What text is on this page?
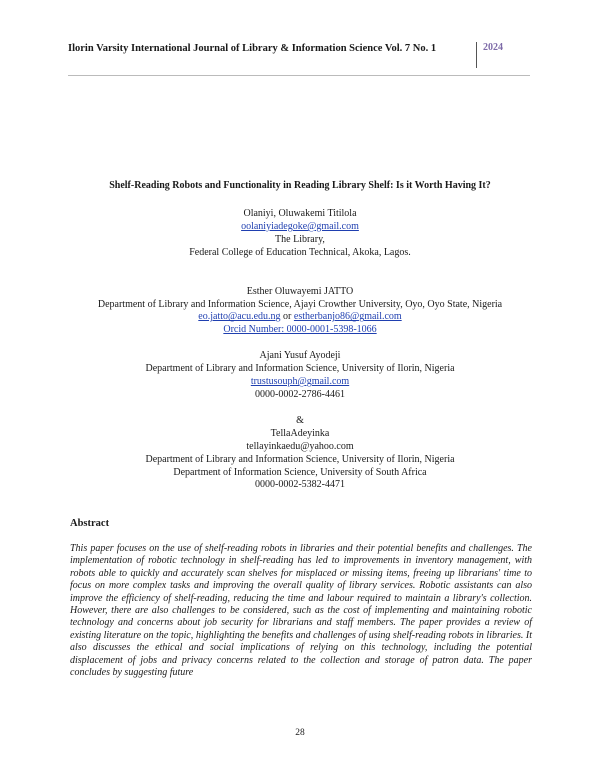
Ilorin Varsity International Journal of Library & Information Science Vol. 7 No. 1	2024
Shelf-Reading Robots and Functionality in Reading Library Shelf: Is it Worth Having It?
Olaniyi, Oluwakemi Titilola
oolaniyiadegoke@gmail.com
The Library,
Federal College of Education Technical, Akoka, Lagos.
Esther Oluwayemi JATTO
Department of Library and Information Science, Ajayi Crowther University, Oyo, Oyo State, Nigeria
eo.jatto@acu.edu.ng or estherbanjo86@gmail.com
Orcid Number: 0000-0001-5398-1066
Ajani Yusuf Ayodeji
Department of Library and Information Science, University of Ilorin, Nigeria
trustusouph@gmail.com
0000-0002-2786-4461
&
TellaAdeyinka
tellayinkaedu@yahoo.com
Department of Library and Information Science, University of Ilorin, Nigeria
Department of Information Science, University of South Africa
0000-0002-5382-4471
Abstract
This paper focuses on the use of shelf-reading robots in libraries and their potential benefits and challenges. The implementation of robotic technology in shelf-reading has led to improvements in inventory management, with robots able to quickly and accurately scan shelves for misplaced or missing items, freeing up librarians' time to focus on more complex tasks and improving the overall quality of library services. Robotic assistants can also improve the efficiency of shelf-reading, reducing the time and labour required to maintain a library's collection. However, there are also challenges to be considered, such as the cost of implementing and maintaining robotic technology and concerns about job security for librarians and staff members. The paper provides a review of existing literature on the topic, highlighting the benefits and challenges of using shelf-reading robots in libraries. It also discusses the ethical and social implications of relying on this technology, including the potential displacement of jobs and privacy concerns related to the collection and storage of patron data. The paper concludes by suggesting future
28
